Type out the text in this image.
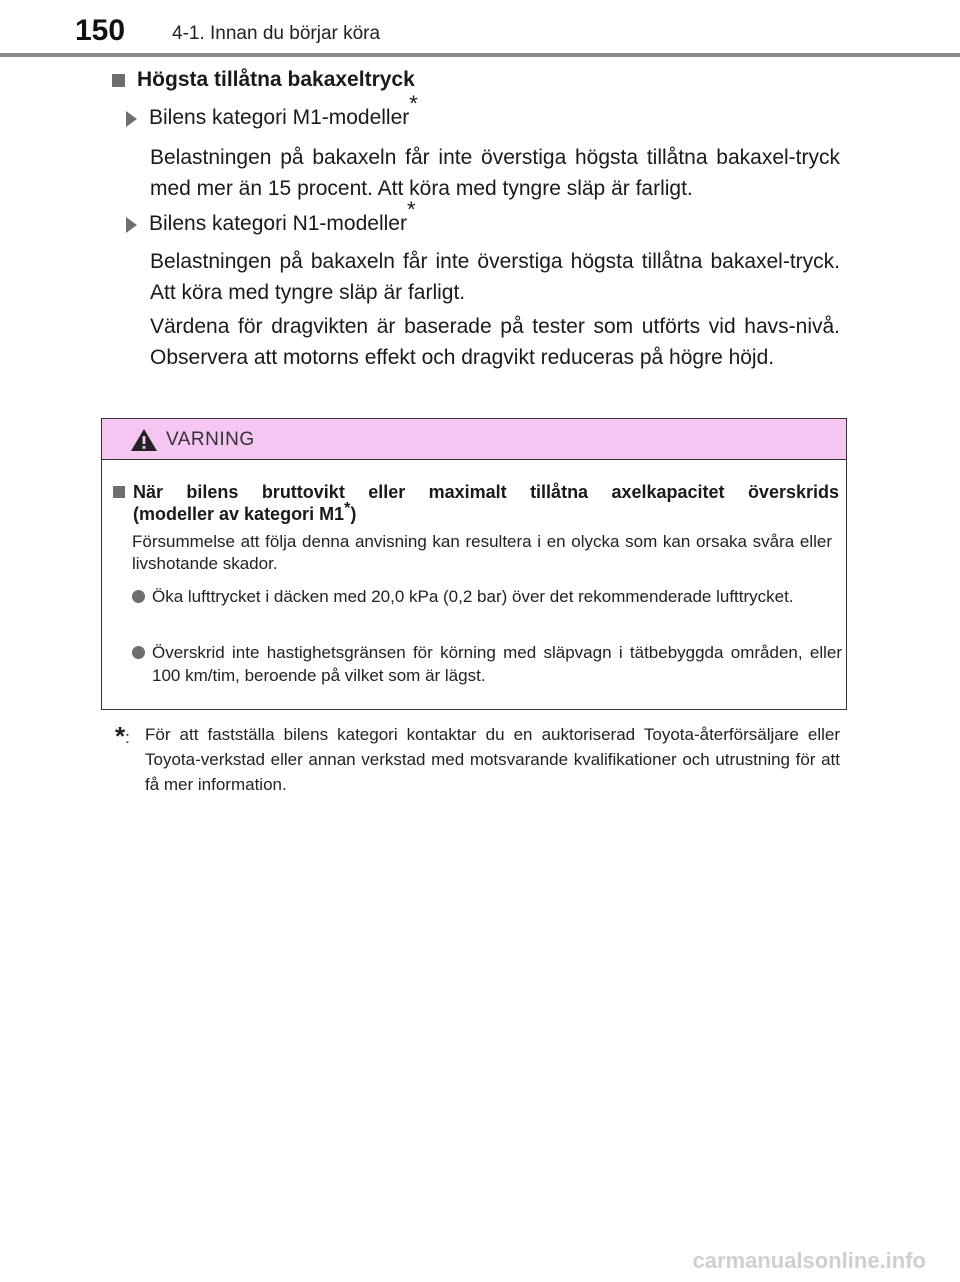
150 4-1. Innan du börjar köra
Högsta tillåtna bakaxeltryck
Bilens kategori M1-modeller
*
Belastningen på bakaxeln får inte överstiga högsta tillåtna bakaxel-tryck med mer än 15 procent. Att köra med tyngre släp är farligt.
Bilens kategori N1-modeller
*
Belastningen på bakaxeln får inte överstiga högsta tillåtna bakaxel-tryck. Att köra med tyngre släp är farligt.
Värdena för dragvikten är baserade på tester som utförts vid havs-nivå. Observera att motorns effekt och dragvikt reduceras på högre höjd.
VARNING
När bilens bruttovikt eller maximalt tillåtna axelkapacitet överskrids
(modeller av kategori M1*)
Försummelse att följa denna anvisning kan resultera i en olycka som kan orsaka svåra eller livshotande skador.
Öka lufttrycket i däcken med 20,0 kPa (0,2 bar) över det rekommenderade lufttrycket.
Överskrid inte hastighetsgränsen för körning med släpvagn i tätbebyggda områden, eller 100 km/tim, beroende på vilket som är lägst.
*: För att fastställa bilens kategori kontaktar du en auktoriserad Toyota-återförsäljare eller Toyota-verkstad eller annan verkstad med motsvarande kvalifikationer och utrustning för att få mer information.
carmanualsonline.info
